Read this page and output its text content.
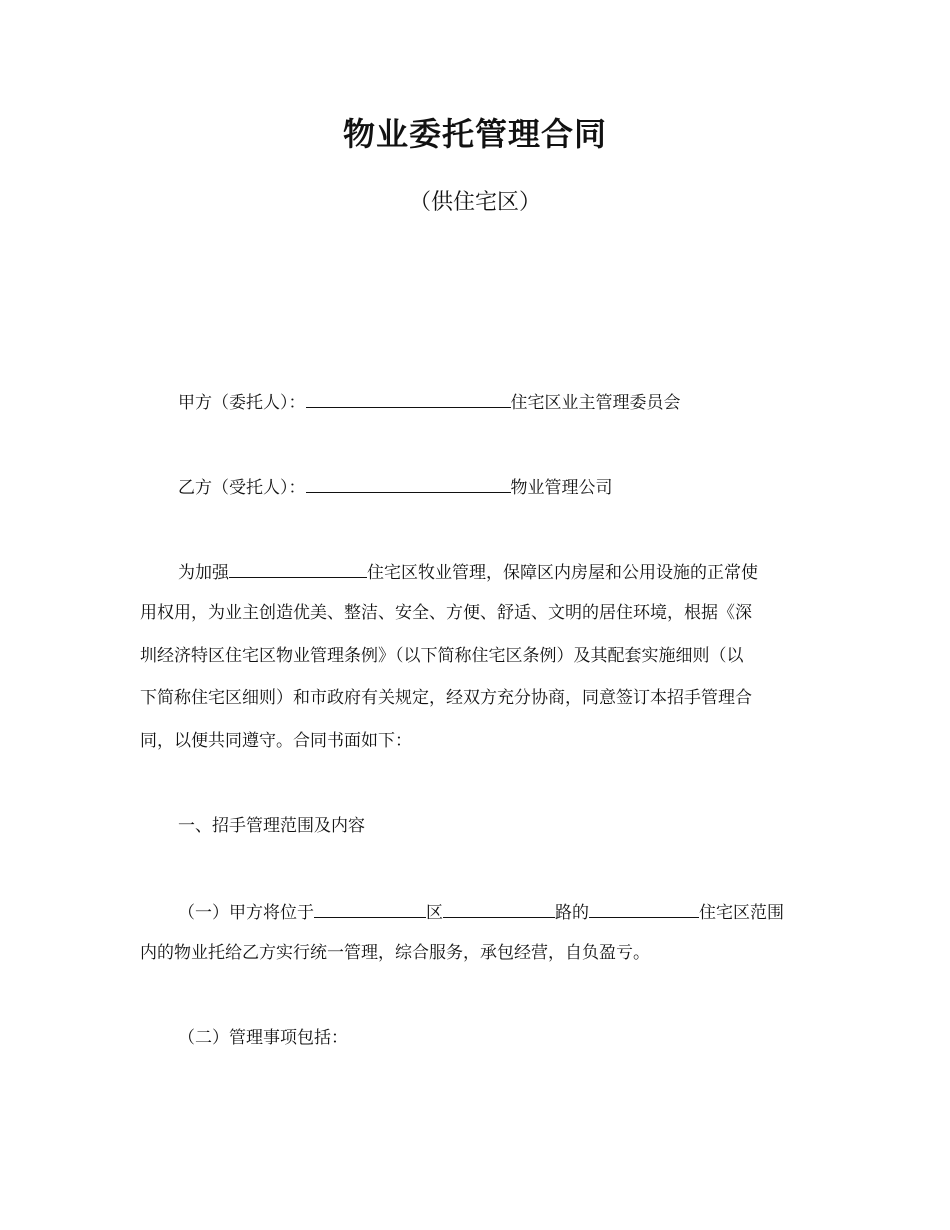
物业委托管理合同
（供住宅区）
甲方（委托人）：	住宅区业主管理委员会
乙方（受托人）：	物业管理公司
为加强	住宅区牧业管理，保障区内房屋和公用设施的正常使
用权用，为业主创造优美、整洁、安全、方便、舒适、文明的居住环境，根据《深
圳经济特区住宅区物业管理条例》（以下简称住宅区条例）及其配套实施细则（以
下简称住宅区细则）和市政府有关规定，经双方充分协商，同意签订本招手管理合
同，以便共同遵守。合同书面如下：
一、招手管理范围及内容
（一）甲方将位于	区	路的	住宅区范围
内的物业托给乙方实行统一管理，综合服务，承包经营，自负盈亏。
（二）管理事项包括：
